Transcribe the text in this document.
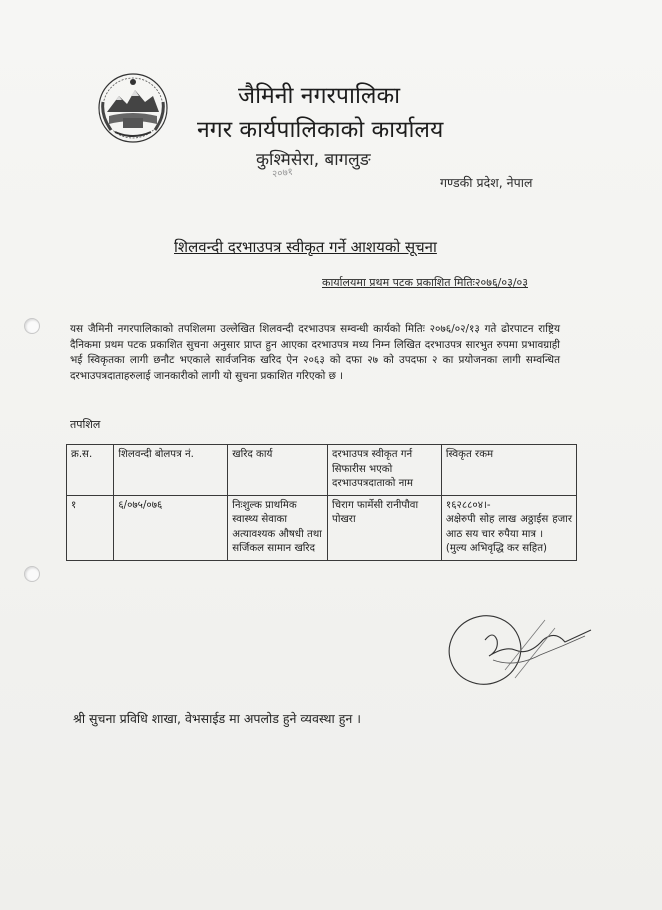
जैमिनी नगरपालिका
नगर कार्यपालिकाको कार्यालय
कुश्मिसेरा, बागलुङ
२०७१
गण्डकी प्रदेश, नेपाल
शिलवन्दी दरभाउपत्र स्वीकृत गर्ने आशयको सूचना
कार्यालयमा प्रथम पटक प्रकाशित मितिः२०७६/०३/०३
यस जैमिनी नगरपालिकाको तपशिलमा उल्लेखित शिलवन्दी दरभाउपत्र सम्वन्धी कार्यको मितिः २०७६/०२/१३ गते ढोरपाटन राष्ट्रिय दैनिकमा प्रथम पटक प्रकाशित सुचना अनुसार प्राप्त हुन आएका दरभाउपत्र मध्य निम्न लिखित दरभाउपत्र सारभुत रुपमा प्रभावग्राही भई स्विकृतका लागी छनौट भएकाले सार्वजनिक खरिद ऐन २०६३ को दफा २७ को उपदफा २ का प्रयोजनका लागी सम्वन्धित दरभाउपत्रदाताहरुलाई जानकारीको लागी यो सुचना प्रकाशित गरिएको छ ।
तपशिल
क्र.स.	शिलवन्दी बोलपत्र नं.	खरिद कार्य	दरभाउपत्र स्वीकृत गर्न सिफारीस भएको दरभाउपत्रदाताको नाम	स्विकृत रकम
१	६/०७५/०७६	निःशुल्क प्राथमिक स्वास्थ्य सेवाका अत्यावश्यक औषधी तथा सर्जिकल सामान खरिद	चिराग फार्मेसी रानीपौवा पोखरा	१६२८८०४।-
अक्षेरुपी सोह लाख अठ्ठाईस हजार आठ सय चार रुपैया मात्र ।
(मुल्य अभिवृद्धि कर सहित)
श्री सुचना प्रविधि शाखा, वेभसाईड मा अपलोड हुने व्यवस्था हुन ।
